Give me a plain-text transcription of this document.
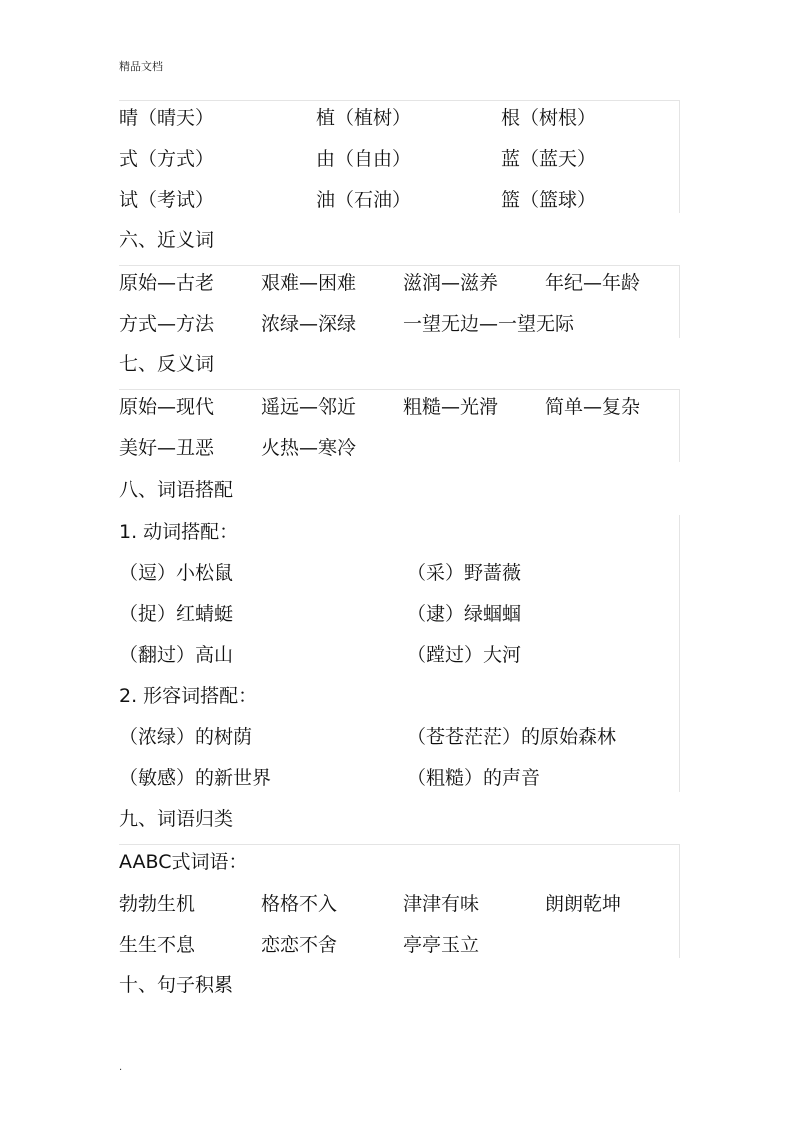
精品文档
晴（晴天）	植（植树）	根（树根）
式（方式）	由（自由）	蓝（蓝天）
试（考试）	油（石油）	篮（篮球）
六、近义词
原始—古老 艰难—困难 滋润—滋养 年纪—年龄
方式—方法 浓绿—深绿 一望无边—一望无际
七、反义词
原始—现代 遥远—邻近 粗糙—光滑 简单—复杂
美好—丑恶 火热—寒冷
八、词语搭配
1. 动词搭配：
（逗）小松鼠	（采）野蔷薇
（捉）红蜻蜓	（逮）绿蝈蝈
（翻过）高山	（蹚过）大河
2. 形容词搭配：
（浓绿）的树荫	（苍苍茫茫）的原始森林
（敏感）的新世界	（粗糙）的声音
九、词语归类
AABC式词语：
勃勃生机	格格不入	津津有味	朗朗乾坤
生生不息	恋恋不舍	亭亭玉立
十、句子积累
.
